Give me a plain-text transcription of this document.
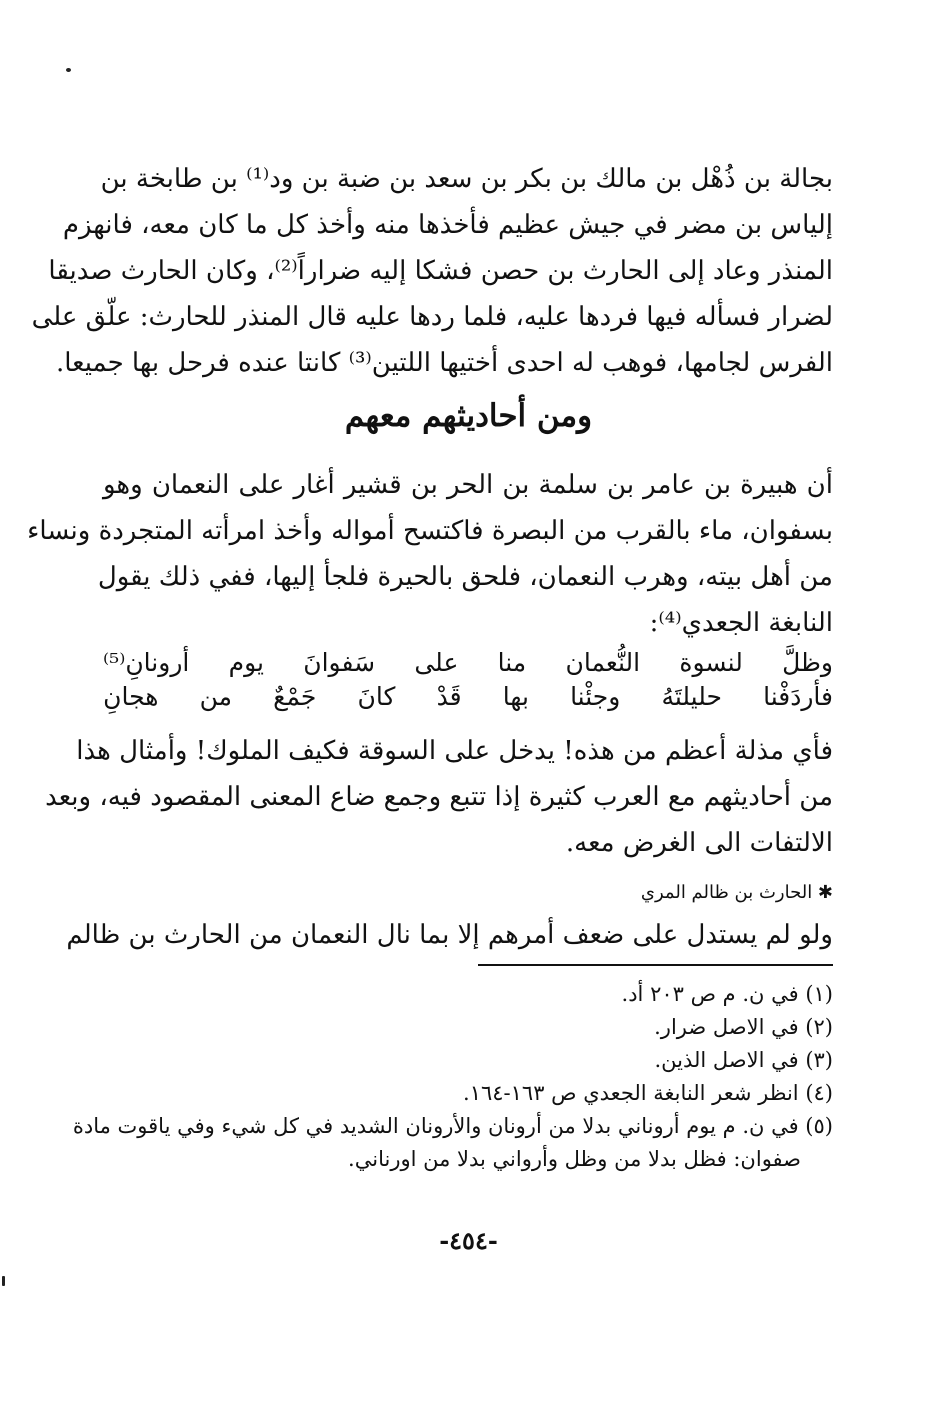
بجالة بن ذُهْل بن مالك بن بكر بن سعد بن ضبة بن ود⁽¹⁾ بن طابخة بن
إلياس بن مضر في جيش عظيم فأخذها منه وأخذ كل ما كان معه، فانهزم
المنذر وعاد إلى الحارث بن حصن فشكا إليه ضراراً⁽²⁾، وكان الحارث صديقا
لضرار فسأله فيها فردها عليه، فلما ردها عليه قال المنذر للحارث: علّق على
الفرس لجامها، فوهب له احدى أختيها اللتين⁽³⁾ كانتا عنده فرحل بها جميعا.
ومن أحاديثهم معهم
أن هبيرة بن عامر بن سلمة بن الحر بن قشير أغار على النعمان وهو
بسفوان، ماء بالقرب من البصرة فاكتسح أمواله وأخذ امرأته المتجردة ونساء
من أهل بيته، وهرب النعمان، فلحق بالحيرة فلجأ إليها، ففي ذلك يقول
النابغة الجعدي⁽⁴⁾:
وظلَّ
لنسوة
النُّعمان
منا
على
سَفوانَ
يوم
أرونانِ⁽⁵⁾
فأردَفْنا
حليلتَهُ
وجئْنا
بها
قَدْ
كانَ
جَمْعٌ
من
هجانِ
فأي مذلة أعظم من هذه! يدخل على السوقة فكيف الملوك! وأمثال هذا
من أحاديثهم مع العرب كثيرة إذا تتبع وجمع ضاع المعنى المقصود فيه، وبعد
الالتفات الى الغرض معه.
✱ الحارث بن ظالم المري
ولو لم يستدل على ضعف أمرهم إلا بما نال النعمان من الحارث بن ظالم
(١) في ن. م ص ٢٠٣ أد.
(٢) في الاصل ضرار.
(٣) في الاصل الذين.
(٤) انظر شعر النابغة الجعدي ص ١٦٣-١٦٤.
(٥) في ن. م يوم أروناني بدلا من أرونان والأرونان الشديد في كل شيء وفي ياقوت مادة
صفوان: فظل بدلا من وظل وأرواني بدلا من اورناني.
-٤٥٤-
